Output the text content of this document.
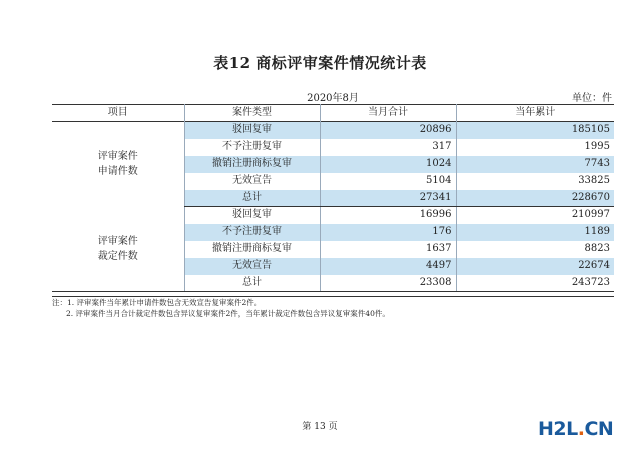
表12 商标评审案件情况统计表
2020年8月	单位：件
项目	案件类型	当月合计	当年累计
评审案件
申请件数	驳回复审	20896	185105
	不予注册复审	317	1995
	撤销注册商标复审	1024	7743
	无效宣告	5104	33825
	总计	27341	228670
评审案件
裁定件数	驳回复审	16996	210997
	不予注册复审	176	1189
	撤销注册商标复审	1637	8823
	无效宣告	4497	22674
	总计	23308	243723
注：1. 评审案件当年累计申请件数包含无效宣告复审案件2件。
2. 评审案件当月合计裁定件数包含异议复审案件2件，当年累计裁定件数包含异议复审案件40件。
第 13 页	H2L.CN
